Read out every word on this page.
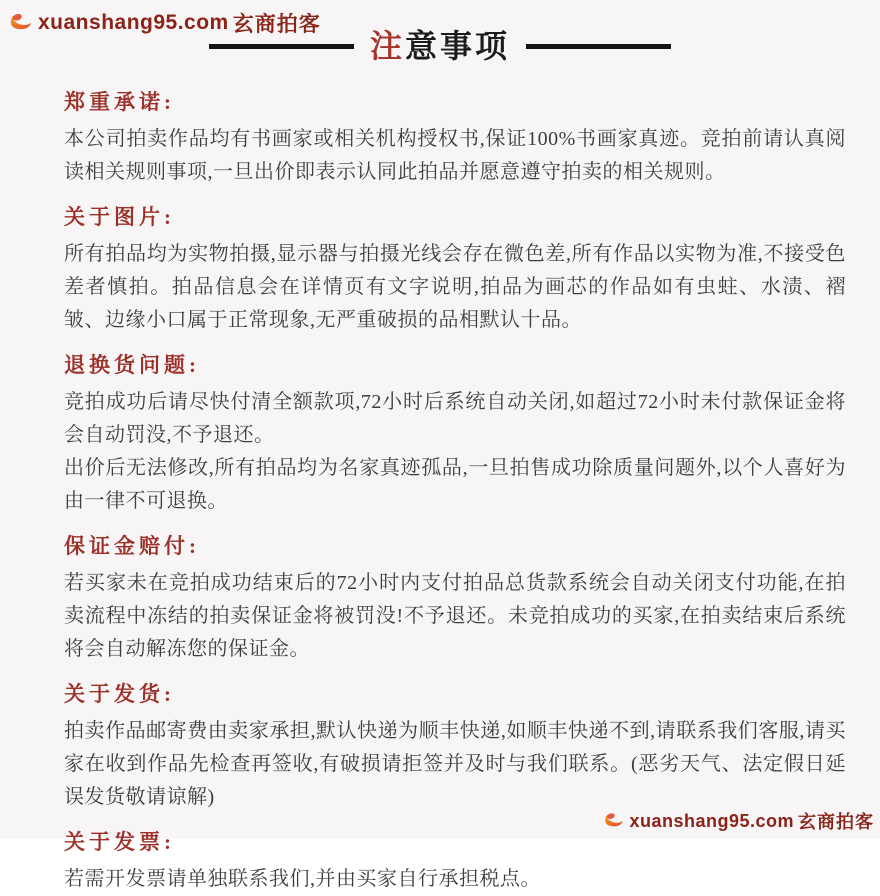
xuanshang95.com 玄商拍客
注意事项
郑重承诺:

本公司拍卖作品均有书画家或相关机构授权书,保证100%书画家真迹。竞拍前请认真阅读相关规则事项,一旦出价即表示认同此拍品并愿意遵守拍卖的相关规则。

关于图片:

所有拍品均为实物拍摄,显示器与拍摄光线会存在微色差,所有作品以实物为准,不接受色差者慎拍。拍品信息会在详情页有文字说明,拍品为画芯的作品如有虫蛀、水渍、褶皱、边缘小口属于正常现象,无严重破损的品相默认十品。

退换货问题:

竞拍成功后请尽快付清全额款项,72小时后系统自动关闭,如超过72小时未付款保证金将会自动罚没,不予退还。

出价后无法修改,所有拍品均为名家真迹孤品,一旦拍售成功除质量问题外,以个人喜好为由一律不可退换。

保证金赔付:

若买家未在竞拍成功结束后的72小时内支付拍品总货款系统会自动关闭支付功能,在拍卖流程中冻结的拍卖保证金将被罚没!不予退还。未竞拍成功的买家,在拍卖结束后系统将会自动解冻您的保证金。

关于发货:

拍卖作品邮寄费由卖家承担,默认快递为顺丰快递,如顺丰快递不到,请联系我们客服,请买家在收到作品先检查再签收,有破损请拒签并及时与我们联系。(恶劣天气、法定假日延误发货敬请谅解)

关于发票:

若需开发票请单独联系我们,并由买家自行承担税点。

xuanshang95.com 玄商拍客
